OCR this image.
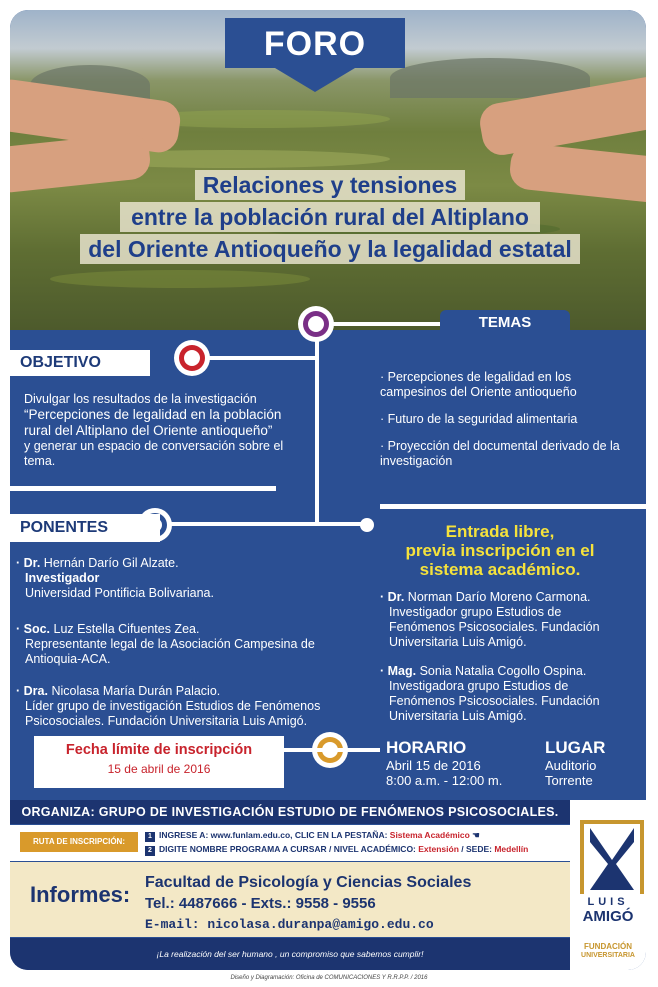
FORO
Relaciones y tensiones
entre la población rural del Altiplano
del Oriente Antioqueño y la legalidad estatal
TEMAS
OBJETIVO
Divulgar los resultados de la investigación
“Percepciones de legalidad en la población rural del Altiplano del Oriente antioqueño”
y generar un espacio de conversación sobre el tema.
· Percepciones de legalidad en los campesinos del Oriente antioqueño
· Futuro de la seguridad alimentaria
· Proyección del documental derivado de la investigación
PONENTES
· Dr. Hernán Darío Gil Alzate.
Investigador
Universidad Pontificia Bolivariana.
· Soc. Luz Estella Cifuentes Zea.
Representante legal de la Asociación Campesina de Antioquia-ACA.
· Dra. Nicolasa María Durán Palacio.
Líder grupo de investigación Estudios de Fenómenos Psicosociales. Fundación Universitaria Luis Amigó.
Entrada libre,
previa inscripción en el
sistema académico.
· Dr. Norman Darío Moreno Carmona.
Investigador grupo Estudios de Fenómenos Psicosociales. Fundación Universitaria Luis Amigó.
· Mag. Sonia Natalia Cogollo Ospina.
Investigadora grupo Estudios de Fenómenos Psicosociales. Fundación Universitaria Luis Amigó.
Fecha límite de inscripción
15 de abril de 2016
HORARIO
Abril 15 de 2016
8:00 a.m. - 12:00 m.
LUGAR
Auditorio
Torrente
ORGANIZA: GRUPO DE INVESTIGACIÓN ESTUDIO DE FENÓMENOS PSICOSOCIALES.
RUTA DE INSCRIPCIÓN:
1 INGRESE A: www.funlam.edu.co, CLIC EN LA PESTAÑA: Sistema Académico ☚
2 DIGITE NOMBRE PROGRAMA A CURSAR / NIVEL ACADÉMICO: Extensión / SEDE: Medellín
Informes: Facultad de Psicología y Ciencias Sociales
Tel.: 4487666 - Exts.: 9558 - 9556
E-mail: nicolasa.duranpa@amigo.edu.co
¡La realización del ser humano , un compromiso que sabemos cumplir!
LUIS
AMIGÓ
FUNDACIÓN
UNIVERSITARIA
Diseño y Diagramación: Oficina de COMUNICACIONES Y R.R.P.P. / 2016
